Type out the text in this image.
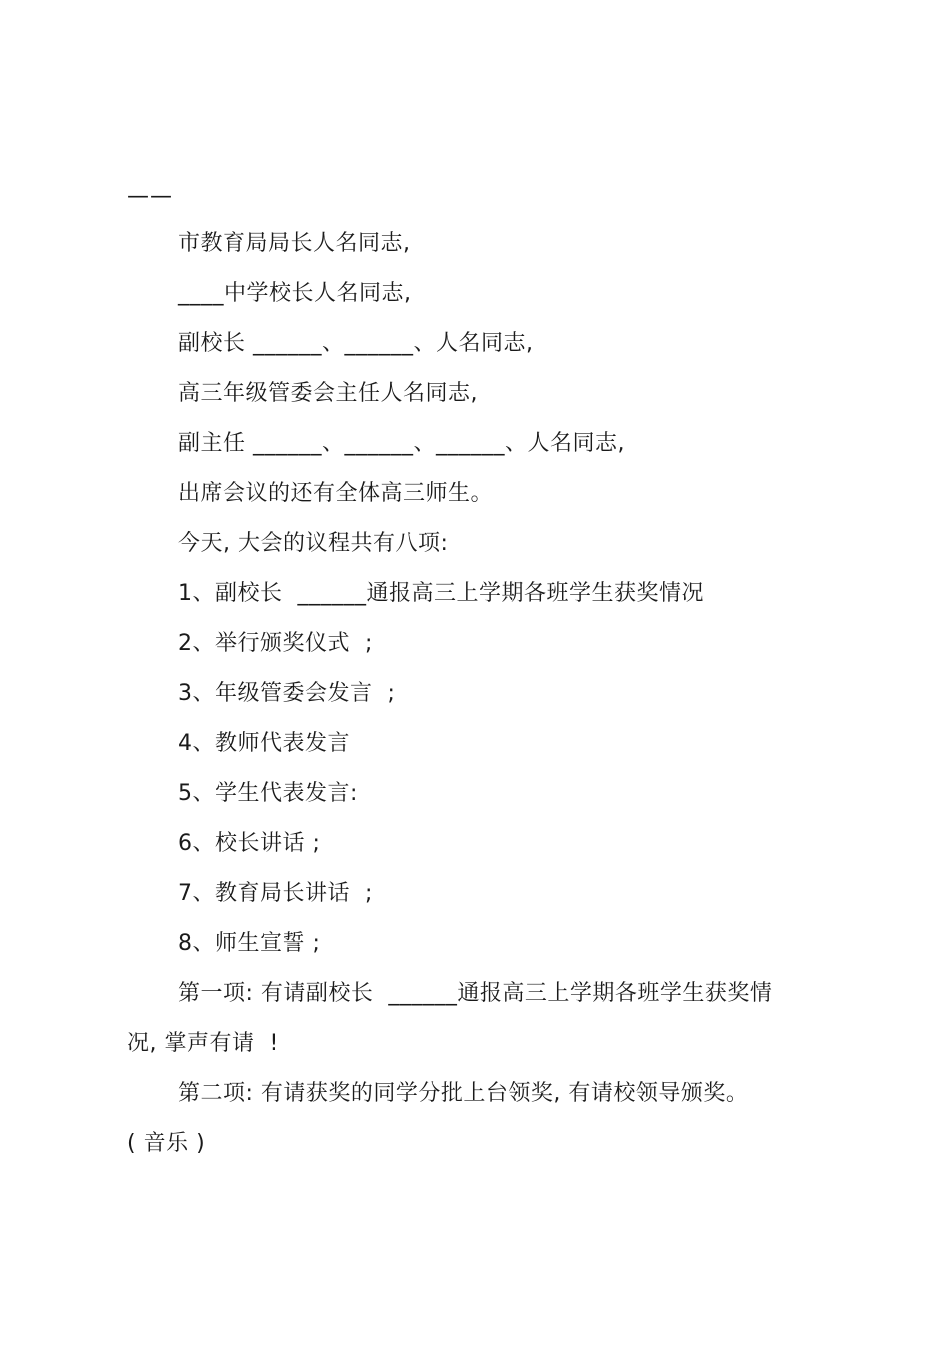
——
市教育局局长人名同志,
____中学校长人名同志,
副校长 ______、______、人名同志,
高三年级管委会主任人名同志,
副主任 ______、______、______、人名同志,
出席会议的还有全体高三师生。
今天, 大会的议程共有八项:
1、副校长  ______通报高三上学期各班学生获奖情况
2、举行颁奖仪式  ;
3、年级管委会发言  ;
4、教师代表发言
5、学生代表发言:
6、校长讲话 ;
7、教育局长讲话  ;
8、师生宣誓 ;
第一项: 有请副校长  ______通报高三上学期各班学生获奖情
况, 掌声有请  !
第二项: 有请获奖的同学分批上台领奖, 有请校领导颁奖。
( 音乐 )
